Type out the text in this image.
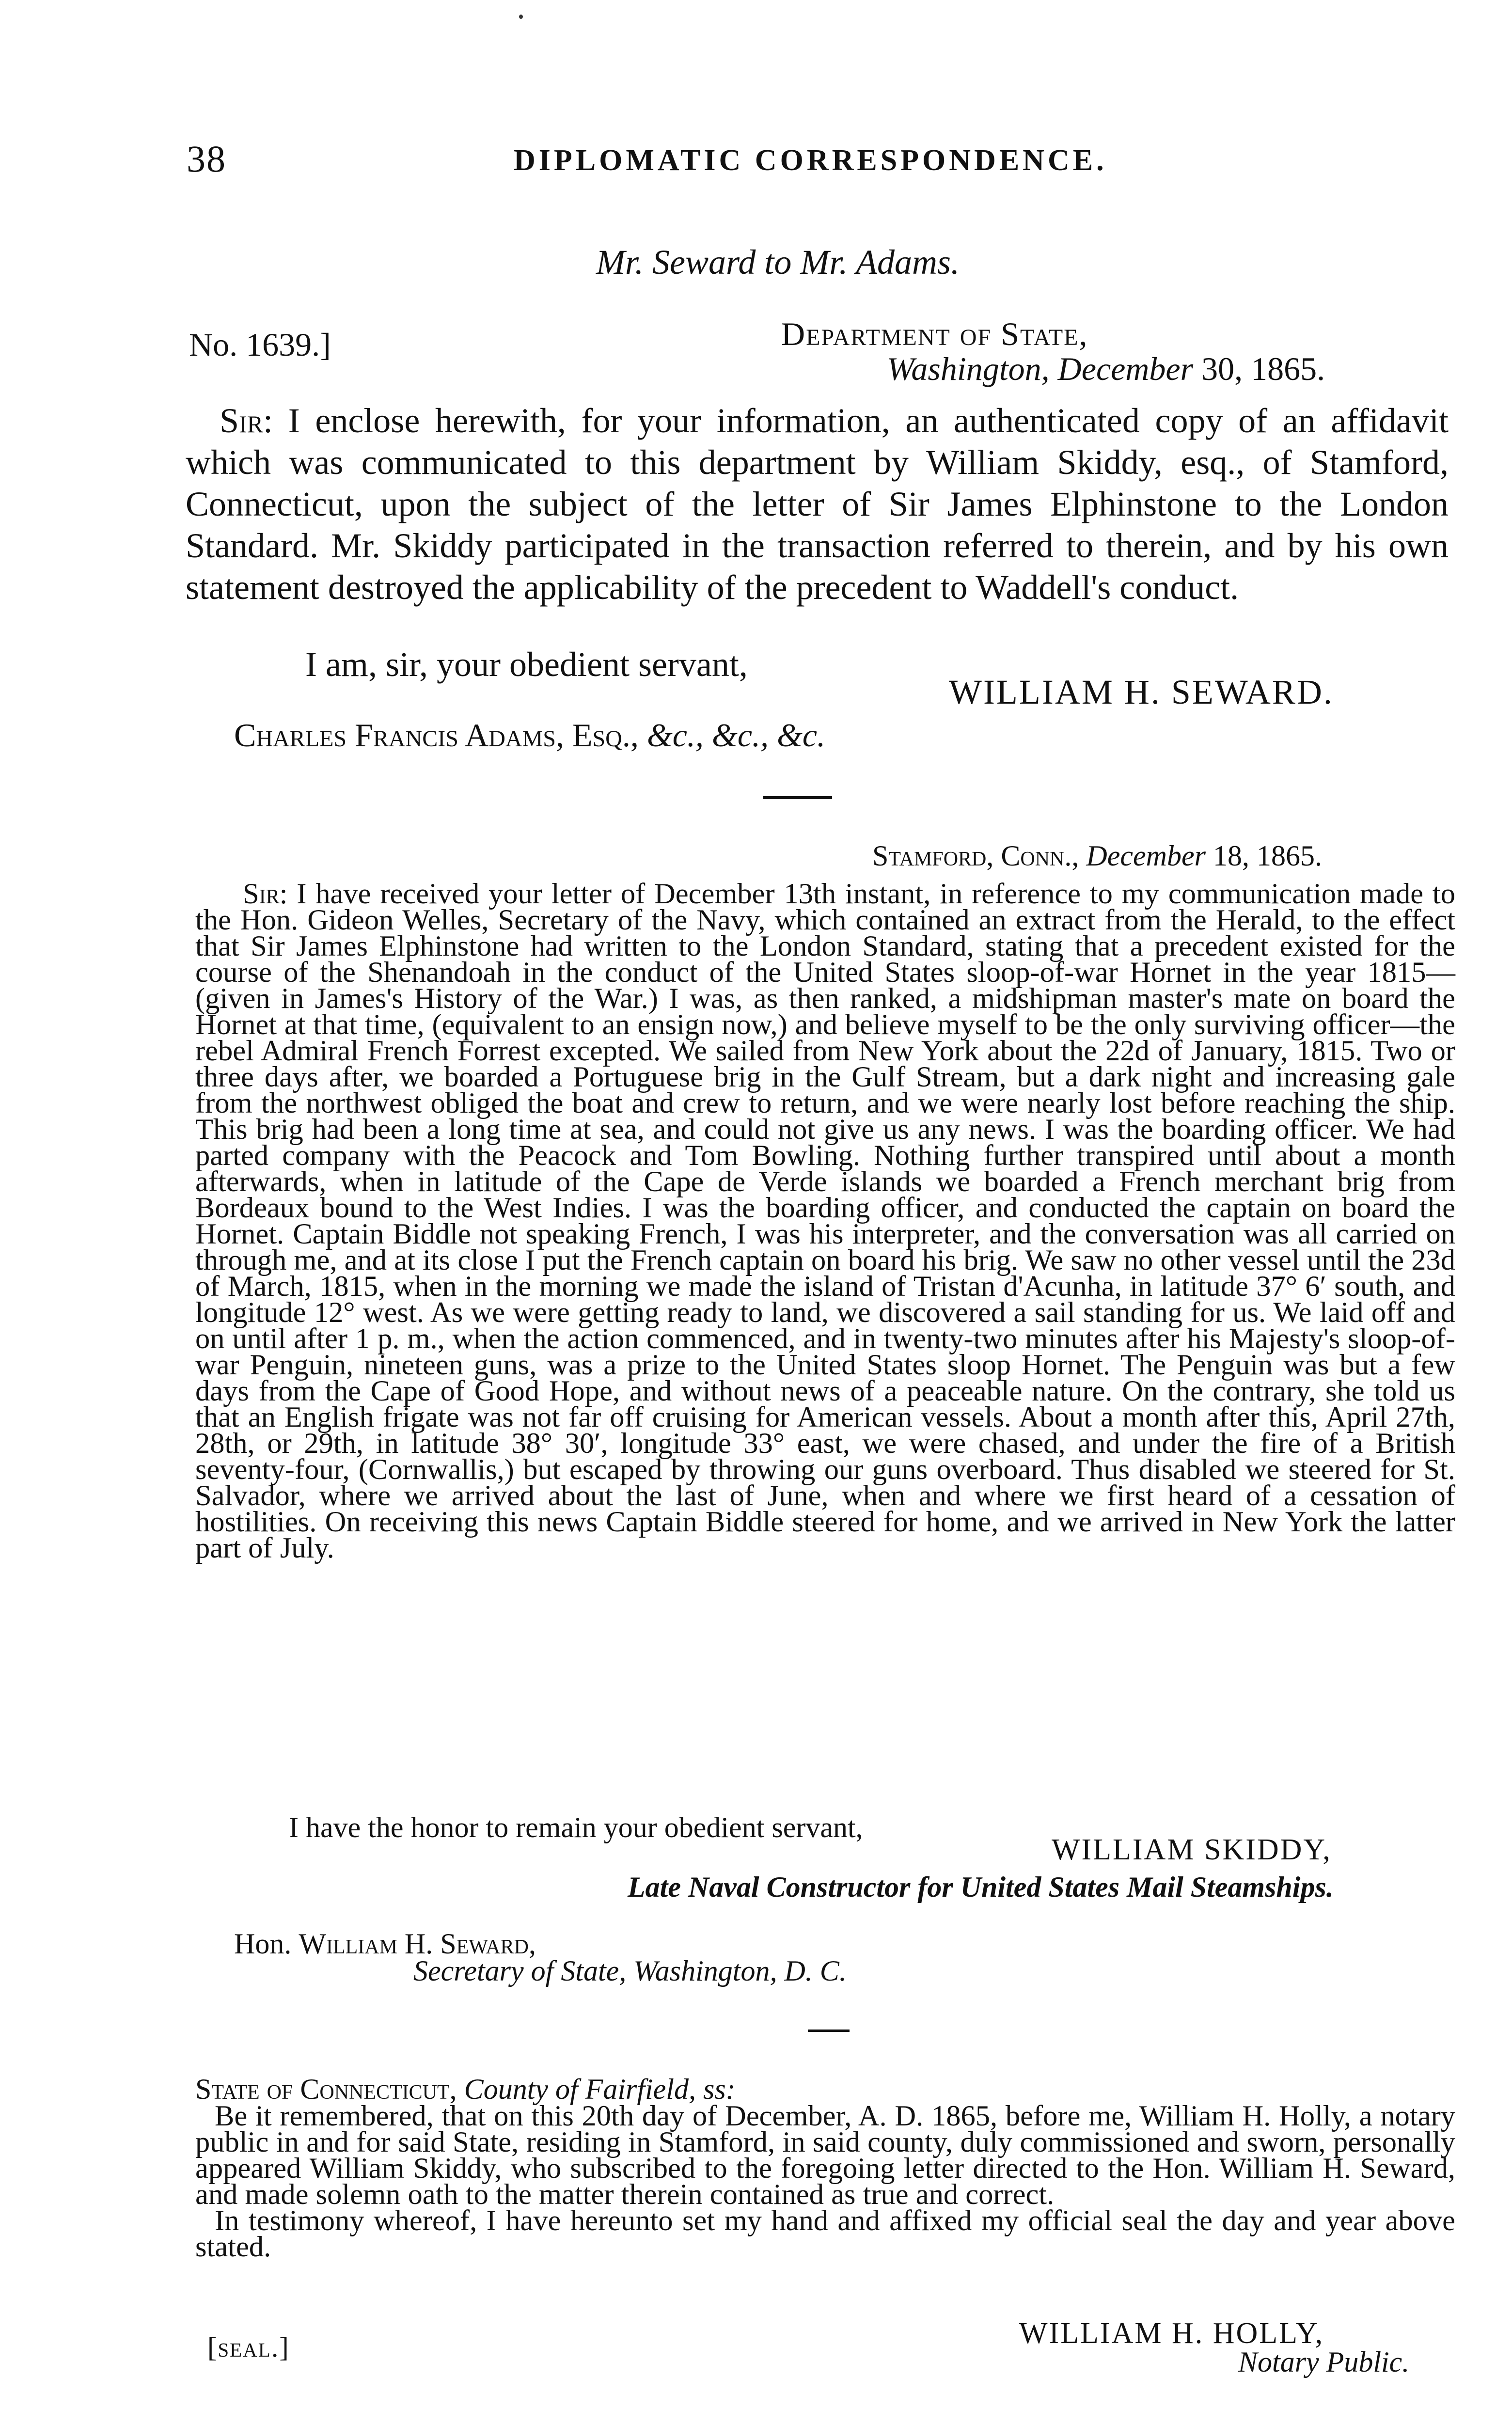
38	DIPLOMATIC CORRESPONDENCE.
Mr. Seward to Mr. Adams.
No. 1639.]	Department of State,
Washington, December 30, 1865.

Sir: I enclose herewith, for your information, an authenticated copy of an affidavit which was communicated to this department by William Skiddy, esq., of Stamford, Connecticut, upon the subject of the letter of Sir James Elphinstone to the London Standard. Mr. Skiddy participated in the transaction referred to therein, and by his own statement destroyed the applicability of the precedent to Waddell's conduct.

I am, sir, your obedient servant,
WILLIAM H. SEWARD.
Charles Francis Adams, Esq., &c., &c., &c.
Stamford, Conn., December 18, 1865.

Sir: I have received your letter of December 13th instant, in reference to my communication made to the Hon. Gideon Welles, Secretary of the Navy, which contained an extract from the Herald, to the effect that Sir James Elphinstone had written to the London Standard, stating that a precedent existed for the course of the Shenandoah in the conduct of the United States sloop-of-war Hornet in the year 1815—(given in James's History of the War.) I was, as then ranked, a midshipman master's mate on board the Hornet at that time, (equivalent to an ensign now,) and believe myself to be the only surviving officer—the rebel Admiral French Forrest excepted. We sailed from New York about the 22d of January, 1815. Two or three days after, we boarded a Portuguese brig in the Gulf Stream, but a dark night and increasing gale from the northwest obliged the boat and crew to return, and we were nearly lost before reaching the ship. This brig had been a long time at sea, and could not give us any news. I was the boarding officer. We had parted company with the Peacock and Tom Bowling. Nothing further transpired until about a month afterwards, when in latitude of the Cape de Verde islands we boarded a French merchant brig from Bordeaux bound to the West Indies. I was the boarding officer, and conducted the captain on board the Hornet. Captain Biddle not speaking French, I was his interpreter, and the conversation was all carried on through me, and at its close I put the French captain on board his brig. We saw no other vessel until the 23d of March, 1815, when in the morning we made the island of Tristan d'Acunha, in latitude 37° 6′ south, and longitude 12° west. As we were getting ready to land, we discovered a sail standing for us. We laid off and on until after 1 p. m., when the action commenced, and in twenty-two minutes after his Majesty's sloop-of-war Penguin, nineteen guns, was a prize to the United States sloop Hornet. The Penguin was but a few days from the Cape of Good Hope, and without news of a peaceable nature. On the contrary, she told us that an English frigate was not far off cruising for American vessels. About a month after this, April 27th, 28th, or 29th, in latitude 38° 30′, longitude 33° east, we were chased, and under the fire of a British seventy-four, (Cornwallis,) but escaped by throwing our guns overboard. Thus disabled we steered for St. Salvador, where we arrived about the last of June, when and where we first heard of a cessation of hostilities. On receiving this news Captain Biddle steered for home, and we arrived in New York the latter part of July.

I have the honor to remain your obedient servant,
WILLIAM SKIDDY,
Late Naval Constructor for United States Mail Steamships.
Hon. William H. Seward,
Secretary of State, Washington, D. C.
State of Connecticut, County of Fairfield, ss:

Be it remembered, that on this 20th day of December, A. D. 1865, before me, William H. Holly, a notary public in and for said State, residing in Stamford, in said county, duly commissioned and sworn, personally appeared William Skiddy, who subscribed to the foregoing letter directed to the Hon. William H. Seward, and made solemn oath to the matter therein contained as true and correct.

In testimony whereof, I have hereunto set my hand and affixed my official seal the day and year above stated.

[seal.]	WILLIAM H. HOLLY,
Notary Public.
